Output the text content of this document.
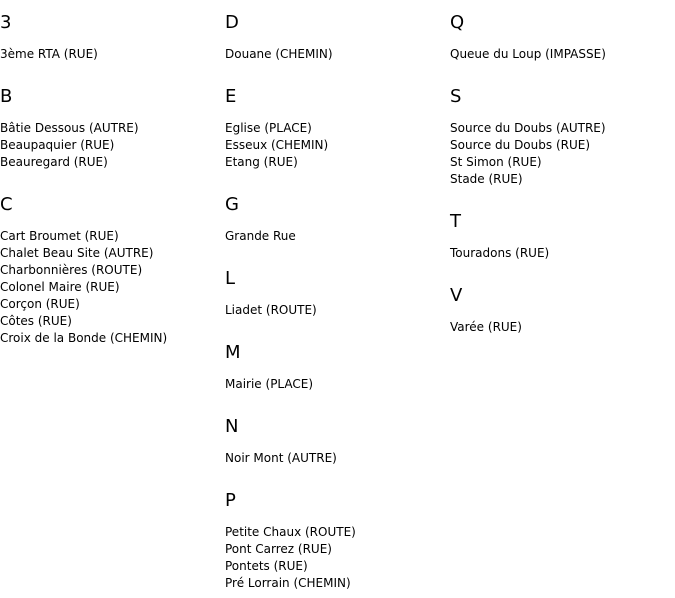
3
3ème RTA (RUE)
B
Bâtie Dessous (AUTRE)
Beaupaquier (RUE)
Beauregard (RUE)
C
Cart Broumet (RUE)
Chalet Beau Site (AUTRE)
Charbonnières (ROUTE)
Colonel Maire (RUE)
Corçon (RUE)
Côtes (RUE)
Croix de la Bonde (CHEMIN)
D
Douane (CHEMIN)
E
Eglise (PLACE)
Esseux (CHEMIN)
Etang (RUE)
G
Grande Rue
L
Liadet (ROUTE)
M
Mairie (PLACE)
N
Noir Mont (AUTRE)
P
Petite Chaux (ROUTE)
Pont Carrez (RUE)
Pontets (RUE)
Pré Lorrain (CHEMIN)
Q
Queue du Loup (IMPASSE)
S
Source du Doubs (AUTRE)
Source du Doubs (RUE)
St Simon (RUE)
Stade (RUE)
T
Touradons (RUE)
V
Varée (RUE)
